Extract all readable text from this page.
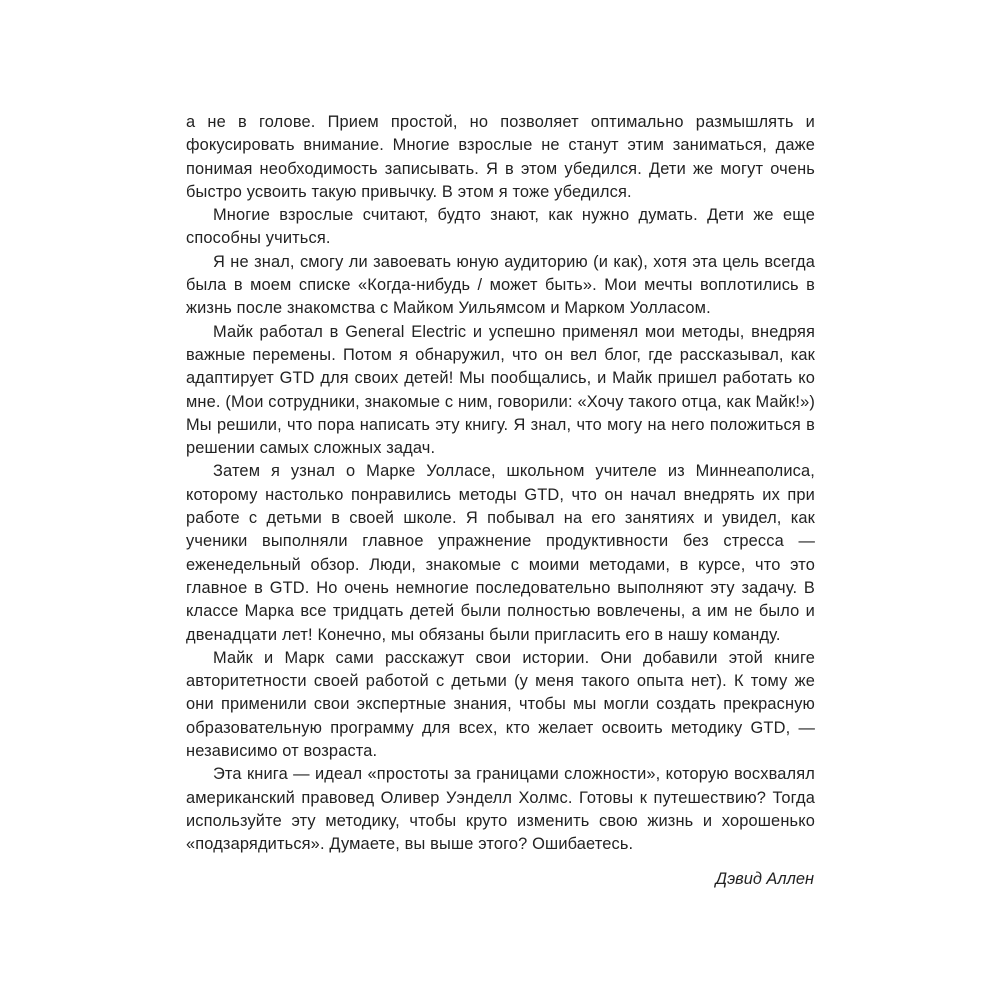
а не в голове. Прием простой, но позволяет оптимально размышлять и фокусировать внимание. Многие взрослые не станут этим заниматься, даже понимая необходимость записывать. Я в этом убедился. Дети же могут очень быстро усвоить такую привычку. В этом я тоже убедился.

Многие взрослые считают, будто знают, как нужно думать. Дети же еще способны учиться.

Я не знал, смогу ли завоевать юную аудиторию (и как), хотя эта цель всегда была в моем списке «Когда-нибудь / может быть». Мои мечты воплотились в жизнь после знакомства с Майком Уильямсом и Марком Уолласом.

Майк работал в General Electric и успешно применял мои методы, внедряя важные перемены. Потом я обнаружил, что он вел блог, где рассказывал, как адаптирует GTD для своих детей! Мы пообщались, и Майк пришел работать ко мне. (Мои сотрудники, знакомые с ним, говорили: «Хочу такого отца, как Майк!») Мы решили, что пора написать эту книгу. Я знал, что могу на него положиться в решении самых сложных задач.

Затем я узнал о Марке Уолласе, школьном учителе из Миннеаполиса, которому настолько понравились методы GTD, что он начал внедрять их при работе с детьми в своей школе. Я побывал на его занятиях и увидел, как ученики выполняли главное упражнение продуктивности без стресса — еженедельный обзор. Люди, знакомые с моими методами, в курсе, что это главное в GTD. Но очень немногие последовательно выполняют эту задачу. В классе Марка все тридцать детей были полностью вовлечены, а им не было и двенадцати лет! Конечно, мы обязаны были пригласить его в нашу команду.

Майк и Марк сами расскажут свои истории. Они добавили этой книге авторитетности своей работой с детьми (у меня такого опыта нет). К тому же они применили свои экспертные знания, чтобы мы могли создать прекрасную образовательную программу для всех, кто желает освоить методику GTD, — независимо от возраста.

Эта книга — идеал «простоты за границами сложности», которую восхвалял американский правовед Оливер Уэнделл Холмс. Готовы к путешествию? Тогда используйте эту методику, чтобы круто изменить свою жизнь и хорошенько «подзарядиться». Думаете, вы выше этого? Ошибаетесь.

Дэвид Аллен
